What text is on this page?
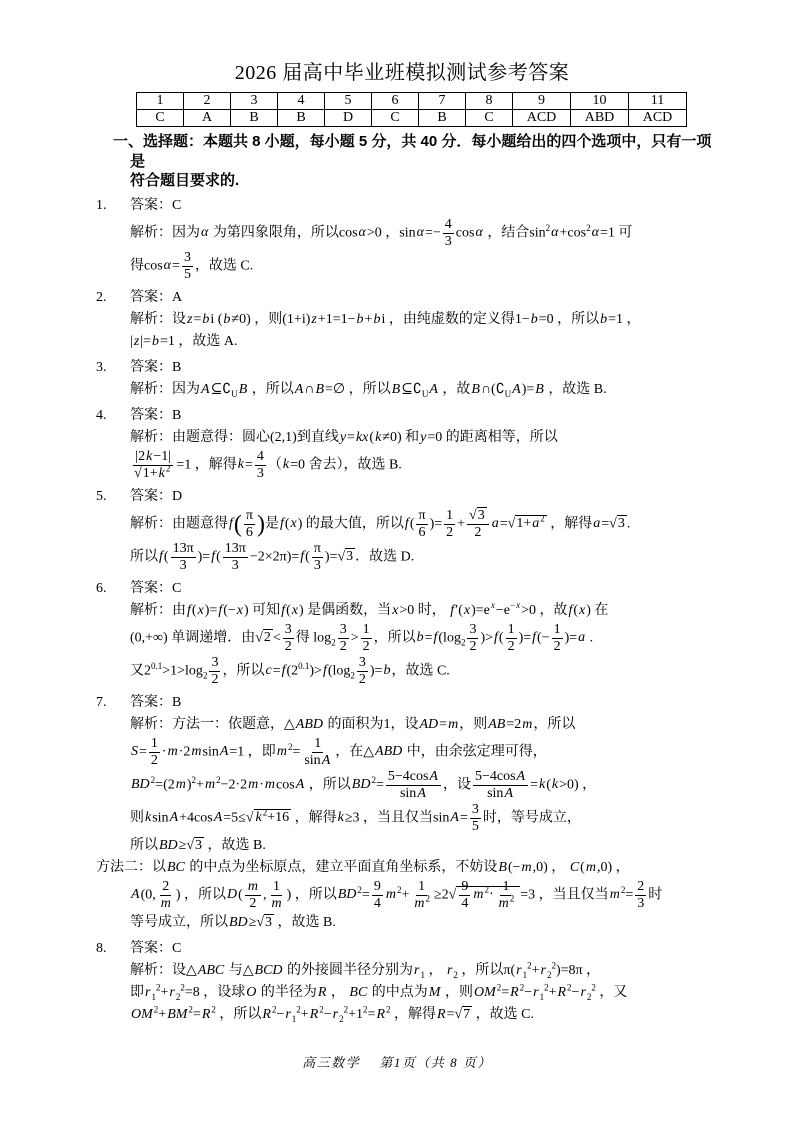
2026 届高中毕业班模拟测试参考答案
1	2	3	4	5	6	7	8	9	10	11
C	A	B	B	D	C	B	C	ACD	ABD	ACD
一、选择题：本题共 8 小题，每小题 5 分，共 40 分．每小题给出的四个选项中，只有一项是
符合题目要求的.
1. 答案：C
解析：因为α 为第四象限角，所以cosα>0 ，$\sin\alpha=- \frac{4}{3}$ cosα ，结合$\sin^2\alpha+\cos^2\alpha=1$ 可
得$\cos\alpha= \frac{3}{5}$ ，故选 C.
2. 答案：A
解析：设z=bi (b≠0) ，则(1+i)z+1=1−b+bi ，由纯虚数的定义得1−b=0 ，所以b=1 ，
|z|=b=1 ，故选 A.
3. 答案：B
解析：因为$A⊆∁_UB$ ，所以A∩B=∅ ，所以$B⊆∁_UA$ ，故$B\cap(∁_UA)=B$ ，故选 B.
4. 答案：B
解析：由题意得：圆心(2,1)到直线y=kx(k≠0) 和y=0 的距离相等，所以
$\frac{|2k-1|}{√1+k^2} =1$ ，解得$k= \frac{4}{3} (k=0$ 舍去），故选 B.
5. 答案：D
解析：由题意得$f( \frac{\pi}{6}$ )是f(x) 的最大值，所以$f( \frac{\pi}{6}$ )= $\frac{1}{2} + \frac{√3}{2} a=√1+a^2$ ，解得a=√3 .
所以$f( \frac{13\pi}{3} )=f( \frac{13\pi}{3} -2\times 2\pi)=f( \frac{\pi}{3} )=√3$ ．故选 D.
6. 答案：C
解析：由f(x)=f(−x) 可知f(x) 是偶函数，当x>0 时， $f'(x)=e^x-e^{-x}>0$ ，故f(x) 在
(0,+∞) 单调递增．由$√2 < \frac{3}{2}$ 得 $\log_2 \frac{3}{2} > \frac{1}{2}$ ，所以$b=f(\log_2 \frac{3}{2} )>f( \frac{1}{2} )=f(- \frac{1}{2} )=a$ .
又$2^{0.1}>1>\log_2 \frac{3}{2}$ ，所以$c=f(2^{0.1})>f(\log_2 \frac{3}{2} )=b$，故选 C.
7. 答案：B
解析：方法一：依题意，△ABD 的面积为1，设AD=m，则AB=2m，所以
$S= \frac{1}{2} \cdot m\cdot 2msinA=1$ ，即$m^2= \frac{1}{\sin A}$ ，在△ABD 中，由余弦定理可得，
$BD^2=(2m)^2+m^2-2\cdot 2m\cdot mcosA$ ，所以$BD^2= \frac{5-4\cos A}{\sin A}$ ，设 $\frac{5-4\cos A}{\sin A} =k(k>0)$ ，
则ksinA+4cosA=5≤√ $k^2+16$ ，解得k≥3 ，当且仅当$\sin A= \frac{3}{5}$ 时，等号成立，
所以BD≥√3 ，故选 B.
方法二：以BC 的中点为坐标原点，建立平面直角坐标系，不妨设B(−m,0) ， C(m,0) ，
A(0, $\frac{2}{m}$ ) ，所以$D( \frac{m}{2}$ , $\frac{1}{m}$ ) ，所以$BD^2= \frac{9}{4} m^2+ \frac{1}{m^2} \ge 2√ \frac{9}{4} m^2\cdot \frac{1}{m^2} =3$ ，当且仅当$m^2= \frac{2}{3}$ 时
等号成立，所以BD≥√3 ，故选 B.
8. 答案：C
解析：设△ABC 与△BCD 的外接圆半径分别为$r_1$ ， $r_2$ ，所以$\pi(r_1^2+r_2^2)=8\pi$ ，
即$r_1^2+r_2^2=8$ ，设球O 的半径为R ， BC 的中点为M ，则$OM^2=R^2-r_1^2+R^2-r_2^2$ ，又
$OM^2+BM^2=R^2$ ，所以$R^2-r_1^2+R^2-r_2^2+1^2=R^2$ ，解得R=√7 ，故选 C.
高三数学　 第1页（共 8 页）
